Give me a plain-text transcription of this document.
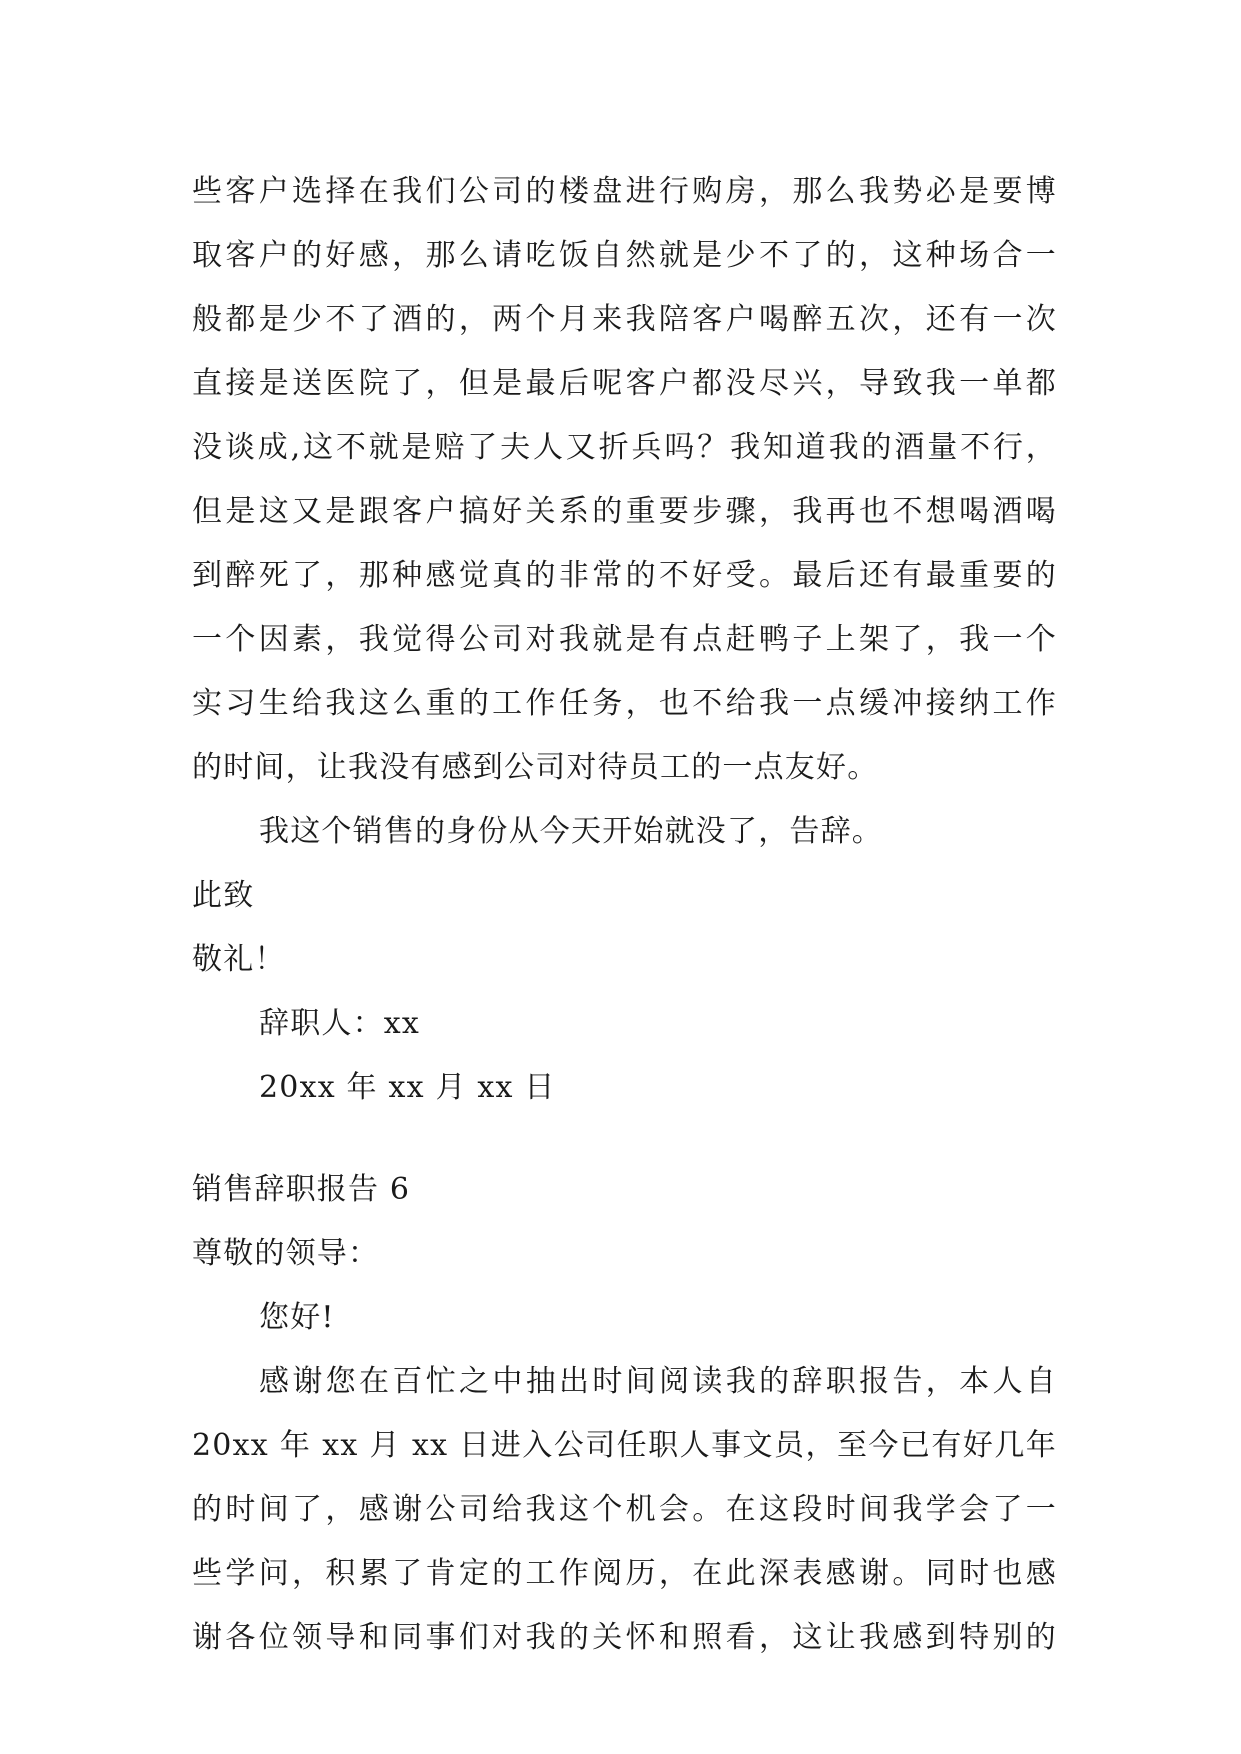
些客户选择在我们公司的楼盘进行购房，那么我势必是要博
取客户的好感，那么请吃饭自然就是少不了的，这种场合一
般都是少不了酒的，两个月来我陪客户喝醉五次，还有一次
直接是送医院了，但是最后呢客户都没尽兴，导致我一单都
没谈成,这不就是赔了夫人又折兵吗？我知道我的酒量不行，
但是这又是跟客户搞好关系的重要步骤，我再也不想喝酒喝
到醉死了，那种感觉真的非常的不好受。最后还有最重要的
一个因素，我觉得公司对我就是有点赶鸭子上架了，我一个
实习生给我这么重的工作任务，也不给我一点缓冲接纳工作
的时间，让我没有感到公司对待员工的一点友好。
我这个销售的身份从今天开始就没了，告辞。
此致
敬礼！
辞职人：xx
20xx 年 xx 月 xx 日
销售辞职报告 6
尊敬的领导：
您好!
感谢您在百忙之中抽出时间阅读我的辞职报告，本人自
20xx 年 xx 月 xx 日进入公司任职人事文员，至今已有好几年
的时间了，感谢公司给我这个机会。在这段时间我学会了一
些学问，积累了肯定的工作阅历，在此深表感谢。同时也感
谢各位领导和同事们对我的关怀和照看，这让我感到特别的
